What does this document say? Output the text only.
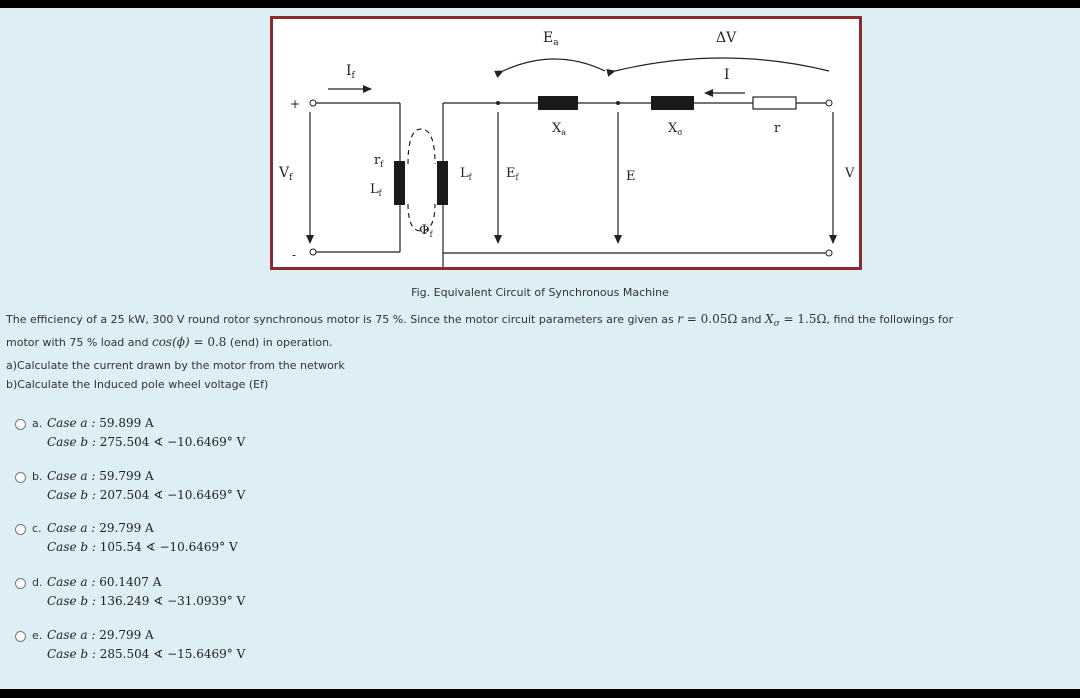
$I_f$
$E_a$	ΔV
I
$X_a$	$X_\sigma$	r
+
-
$V_f$
$r_f$
$L_f$
$L_f$	$E_f$
$\Phi_f$
E	V
Fig. Equivalent Circuit of Synchronous Machine
The efficiency of a 25 kW, 300 V round rotor synchronous motor is 75 %. Since the motor circuit parameters are given as r = 0.05Ω and $X_\sigma = 1.5\Omega$, find the followings for
motor with 75 % load and cos(ϕ) = 0.8 (end) in operation.
a)Calculate the current drawn by the motor from the network
b)Calculate the Induced pole wheel voltage (Ef)
a. Case a : 59.899 A
Case b : 275.504 ∢ −10.6469° V
b. Case a : 59.799 A
Case b : 207.504 ∢ −10.6469° V
c. Case a : 29.799 A
Case b : 105.54 ∢ −10.6469° V
d. Case a : 60.1407 A
Case b : 136.249 ∢ −31.0939° V
e. Case a : 29.799 A
Case b : 285.504 ∢ −15.6469° V
